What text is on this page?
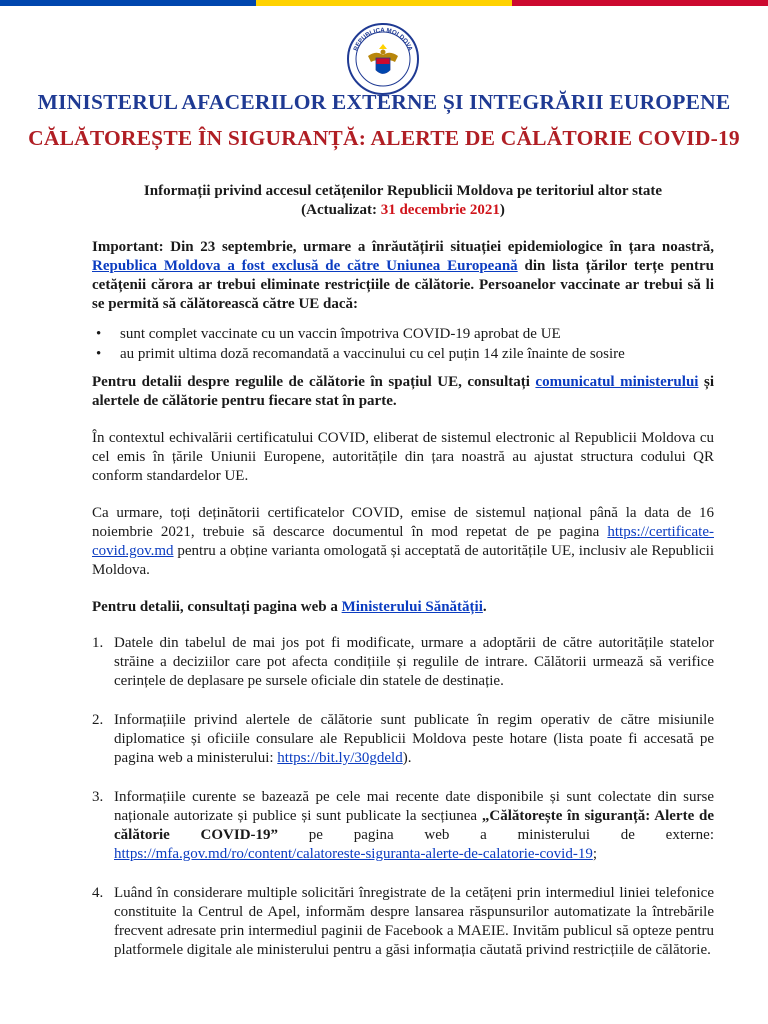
REPUBLICA MOLDOVA
MINISTERUL AFACERILOR EXTERNE ȘI INTEGRĂRII EUROPENE
CĂLĂTOREȘTE ÎN SIGURANȚĂ: ALERTE DE CĂLĂTORIE COVID-19

Informații privind accesul cetățenilor Republicii Moldova pe teritoriul altor state
(Actualizat: 31 decembrie 2021)

Important: Din 23 septembrie, urmare a înrăutățirii situației epidemiologice în țara noastră, Republica Moldova a fost exclusă de către Uniunea Europeană din lista țărilor terțe pentru cetățenii cărora ar trebui eliminate restricțiile de călătorie. Persoanelor vaccinate ar trebui să li se permită să călătorească către UE dacă:

• sunt complet vaccinate cu un vaccin împotriva COVID-19 aprobat de UE
• au primit ultima doză recomandată a vaccinului cu cel puțin 14 zile înainte de sosire

Pentru detalii despre regulile de călătorie în spațiul UE, consultați comunicatul ministerului și alertele de călătorie pentru fiecare stat în parte.

În contextul echivalării certificatului COVID, eliberat de sistemul electronic al Republicii Moldova cu cel emis în țările Uniunii Europene, autoritățile din țara noastră au ajustat structura codului QR conform standardelor UE.

Ca urmare, toți deținătorii certificatelor COVID, emise de sistemul național până la data de 16 noiembrie 2021, trebuie să descarce documentul în mod repetat de pe pagina https://certificate-covid.gov.md pentru a obține varianta omologată și acceptată de autoritățile UE, inclusiv ale Republicii Moldova.

Pentru detalii, consultați pagina web a Ministerului Sănătății.

1. Datele din tabelul de mai jos pot fi modificate, urmare a adoptării de către autoritățile statelor străine a deciziilor care pot afecta condițiile și regulile de intrare. Călătorii urmează să verifice cerințele de deplasare pe sursele oficiale din statele de destinație.
2. Informațiile privind alertele de călătorie sunt publicate în regim operativ de către misiunile diplomatice și oficiile consulare ale Republicii Moldova peste hotare (lista poate fi accesată pe pagina web a ministerului: https://bit.ly/30gdeld).
3. Informațiile curente se bazează pe cele mai recente date disponibile și sunt colectate din surse naționale autorizate și publice și sunt publicate la secțiunea „Călătorește în siguranță: Alerte de călătorie COVID-19” pe pagina web a ministerului de externe: https://mfa.gov.md/ro/content/calatoreste-siguranta-alerte-de-calatorie-covid-19;
4. Luând în considerare multiple solicitări înregistrate de la cetățeni prin intermediul liniei telefonice constituite la Centrul de Apel, informăm despre lansarea răspunsurilor automatizate la întrebările frecvent adresate prin intermediul paginii de Facebook a MAEIE. Invităm publicul să opteze pentru platformele digitale ale ministerului pentru a găsi informația căutată privind restricțiile de călătorie.
